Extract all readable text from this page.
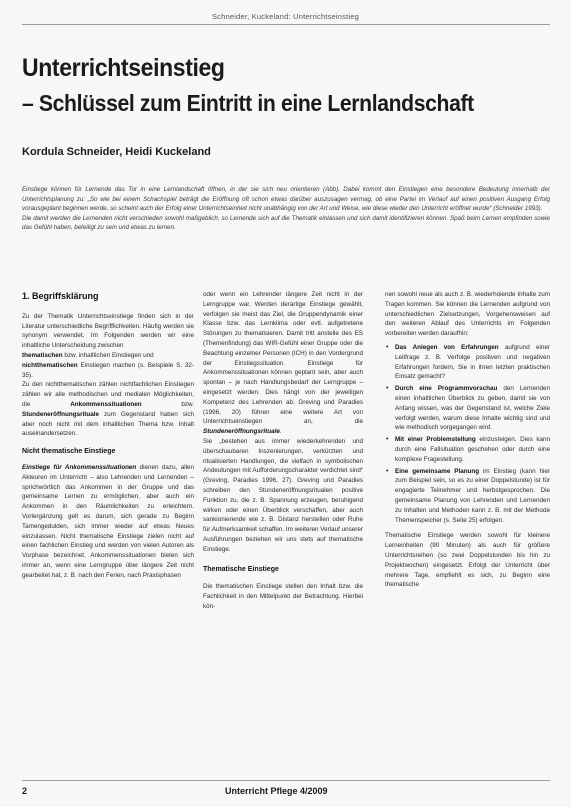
Schneider, Kuckeland: Unterrichtseinstieg
Unterrichtseinstieg
– Schlüssel zum Eintritt in eine Lernlandschaft
Kordula Schneider, Heidi Kuckeland

Einstiege können für Lernende das Tor in eine Lernlandschaft öffnen, in der sie sich neu orientieren (Abb). Dabei kommt den Einstiegen eine besondere Bedeutung innerhalb der Unterrichtsplanung zu: „So wie bei einem Schachspiel beträgt die Eröffnung oft schon etwas darüber auszusagen vermag, ob eine Partei im Verlauf auf einen positiven Ausgang Erfolg vorausgeplant beginnen werde, so scheint auch der Erfolg einer Unterrichtseinheit nicht unabhängig von der Art und Weise, wie diese wieder den Unterricht eröffnet wurde“ (Schneider 1993).

Die damit werden die Lernenden nicht verschieden sowohl maßgeblich, so Lernende sich auf die Thematik einlassen und sich damit identifizieren können. Spaß beim Lernen empfinden sowie das Gefühl haben, beteiligt zu sein und etwas zu lernen.

1. Begriffsklärung

Zu der Thematik Unterrichtseinstiege finden sich in der Literatur unterschiedliche Begrifflichkeiten. Häufig werden sie synonym verwendet. Im Folgenden werden wir eine inhaltliche Unterscheidung zwischen

thematischen bzw. inhaltlichen Einstiegen und

nichtthematischen Einstiegen machen (s. Beispiele S. 32-35).

Zu den nichtthematischen zählen nichtfachlichen Einstiegen zählen wir alle methodischen und medialen Möglichkeiten, die	Ankommenssituationen bzw. Stundeneröffnungsrituale zum Gegenstand haben sich aber noch nicht mit dem inhaltlichen Thema bzw. Inhalt auseinandersetzen.

Nicht thematische Einstiege

Einstiege für Ankommenssituationen dienen dazu, allen Akteuren im Unterricht – also Lehrenden und Lernenden – sprichwörtlich das Ankommen in der Gruppe und das gemeinsame Lernen zu ermöglichen, aber auch ein Ankommen in den Räumlichkeiten zu erleichtern. Vorlergänzung gelt es darum, sich gerade zu Beginn Tamengedulden, sich immer wieder auf etwas Neues einzulassen. Nicht thematische Einstiege zielen nicht auf einen fachlichen Einstieg und werden von vielen Autoren als Vorphase bezeichnet. Ankommenssituationen bieten sich immer an, wenn eine Lerngruppe über längere Zeit nicht gearbeitet hat, z. B. nach den Ferien, nach Praxisphasen

oder wenn ein Lehrender längere Zeit nicht in der Lerngruppe war. Werden derartige Einstiege gewählt, verfolgen sie meist das Ziel, die Gruppendynamik einer Klasse bzw. das Lernklima oder evtl. aufgetretene Störungen zu thematisieren. Damit tritt anstelle des ES (Themenfindung) das WIR-Gefühl einer Gruppe oder die Beachtung einzelner Personen (ICH) in den Vordergrund der Einstiegssituation. Einstiege für Ankommenssituationen können geplant sein, aber auch spontan – je nach Handlungsbedarf der Lerngruppe – eingesetzt werden. Dies hängt von der jeweiligen Kompetenz des Lehrenden ab. Greving und Paradies (1996, 20) führen eine weitere Art von Unterrichtseinstiegen an, die Stundeneröffnungsrituale.

Sie „bestehen aus immer wiederkehrenden und überschaubaren Inszenierungen, verkürzten und ritualisierten Handlungen, die vielfach in symbolischen Andeutungen mit Aufforderungscharakter verdichtet sind“ (Greving, Paradies 1996, 27). Greving und Paradies schreiben den Stundeneröffnungsritualen positive Funktion zu, die z. B. Spannung erzeugen, beruhigend wirken oder einen Überblick verschaffen, aber auch sankionierende wie z. B. Distanz herstellen oder Ruhe für Aufmerksamkeit schaffen. Im weiteren Verlauf unserer Ausführungen beziehen wir uns stets auf thematische Einstiege.

Thematische Einstiege

Die thematischen Einstiege stellen den Inhalt bzw. die Fachlichkeit in den Mittelpunkt der Betrachtung. Hierbei kön-

nen sowohl neue als auch z. B. wiederholende Inhalte zum Tragen kommen. Sie können die Lernenden aufgrund von unterschiedlichen Zielsetzungen, Vorgehensweisen auf den weiteren Ablauf des Unterrichts im Folgenden vorbereiten werden daraufhin:

• Das Anlegen von Erfahrungen aufgrund einer Leitfrage z. B. Verfolge positiven und negativen Erfahrungen fordern, Sie in ihren letzten praktischen Einsatz gemacht?
• Durch eine Programmvorschau den Lernenden einen inhaltlichen Überblick zu geben, damit sie von Anfang wissen, was der Gegenstand ist, welche Ziele verfolgt werden, warum diese Inhalte wichtig sind und wie methodisch vorgegangen wird.
• Mit einer Problemstellung einzusteigen. Dies kann durch eine Fallsituation geschehen oder durch eine komplexe Fragestellung.
• Eine gemeinsame Planung im Einstieg (kann hier zum Beispiel sein, so es zu einer Doppelstunde) ist für engagierte Teilnehmer und herbstgesprochen. Die gemeinsame Planung von Lehrenden und Lernenden zu Inhalten und Methoden kann z. B. mit der Methode Themenspeicher (s. Seite 25) erfolgen.

Thematische Einstiege werden sowohl für kleinere Lerneinheiten (90 Minuten) als auch für größere Unterrichtsreihen (so zwei Doppelstunden bis hin zu Projektwochen) eingesetzt. Erfolgt der Unterricht über mehrere Tage, empfiehlt es sich, zu Beginn eine thematische

2	Unterricht Pflege 4/2009
